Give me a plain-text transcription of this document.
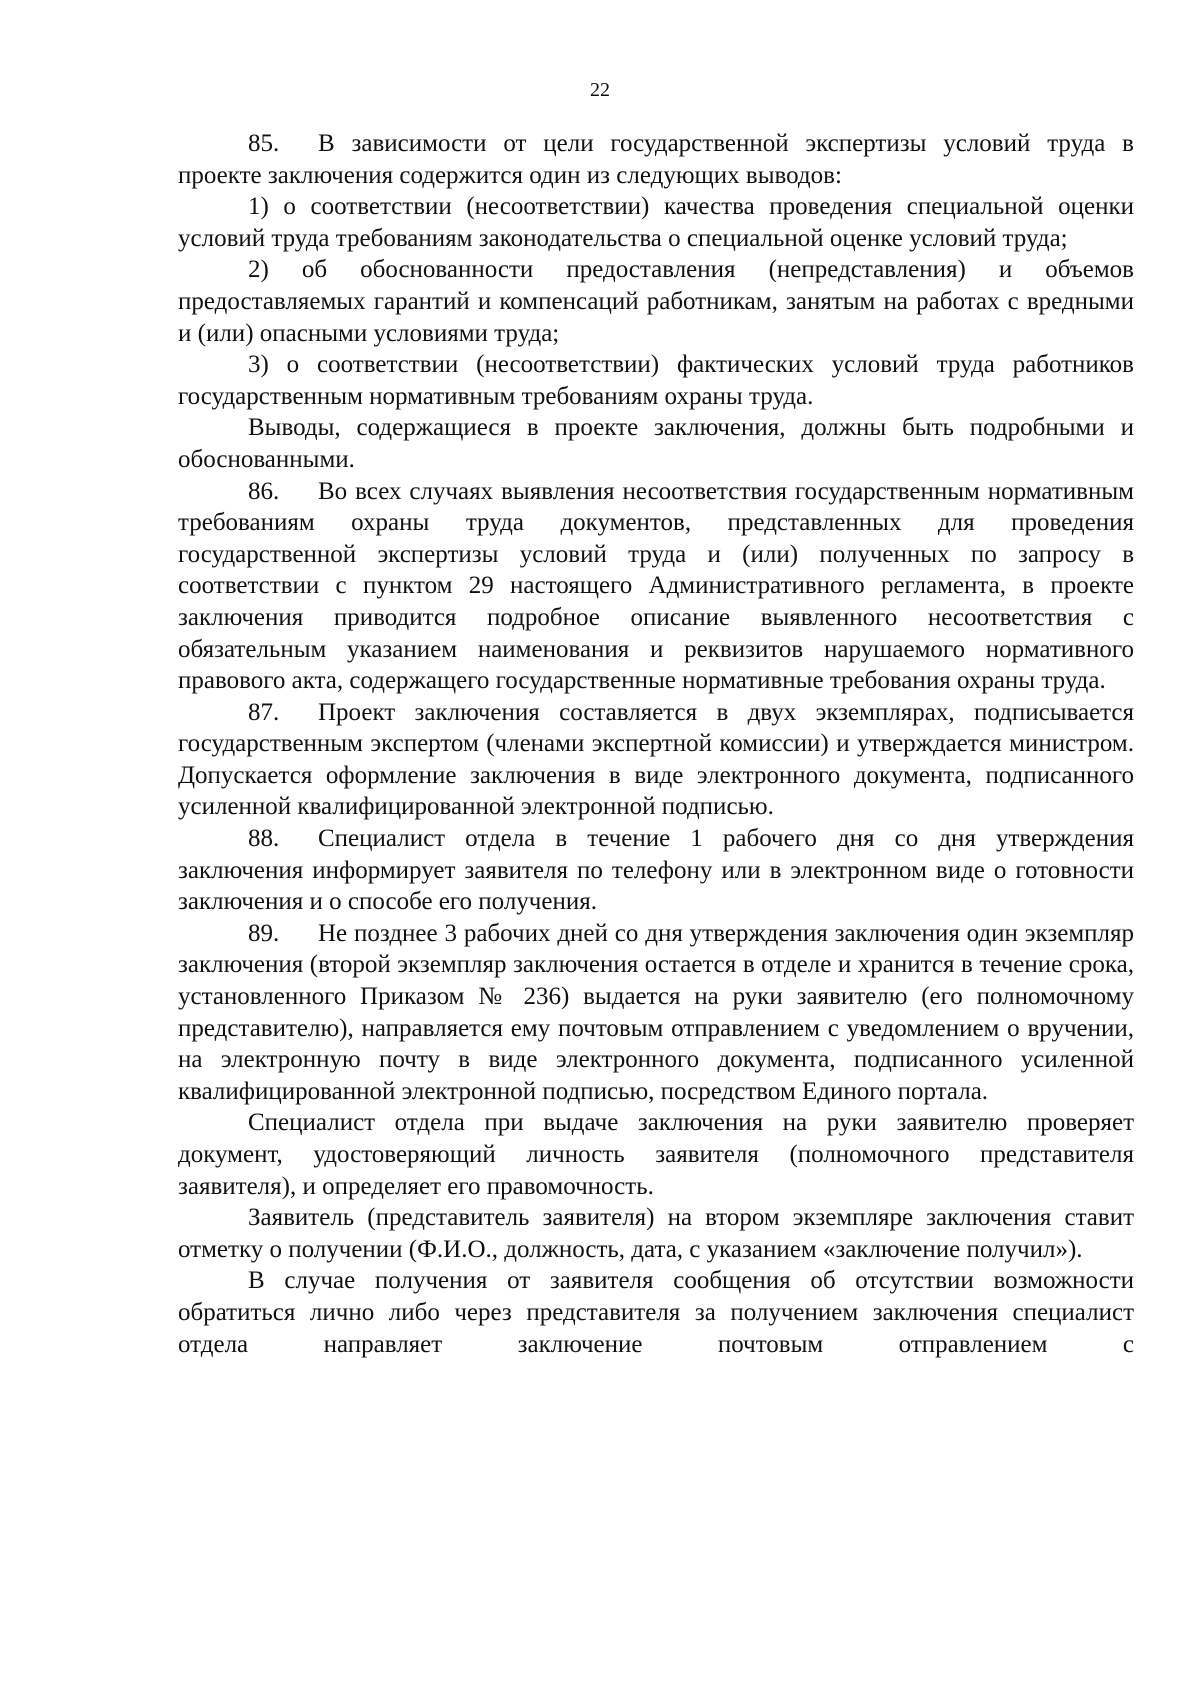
22

85. В зависимости от цели государственной экспертизы условий труда в проекте заключения содержится один из следующих выводов:

1) о соответствии (несоответствии) качества проведения специальной оценки условий труда требованиям законодательства о специальной оценке условий труда;

2) об обоснованности предоставления (непредставления) и объемов предоставляемых гарантий и компенсаций работникам, занятым на работах с вредными и (или) опасными условиями труда;

3) о соответствии (несоответствии) фактических условий труда работников государственным нормативным требованиям охраны труда.

Выводы, содержащиеся в проекте заключения, должны быть подробными и обоснованными.

86. Во всех случаях выявления несоответствия государственным нормативным требованиям охраны труда документов, представленных для проведения государственной экспертизы условий труда и (или) полученных по запросу в соответствии с пунктом 29 настоящего Административного регламента, в проекте заключения приводится подробное описание выявленного несоответствия с обязательным указанием наименования и реквизитов нарушаемого нормативного правового акта, содержащего государственные нормативные требования охраны труда.

87. Проект заключения составляется в двух экземплярах, подписывается государственным экспертом (членами экспертной комиссии) и утверждается министром. Допускается оформление заключения в виде электронного документа, подписанного усиленной квалифицированной электронной подписью.

88. Специалист отдела в течение 1 рабочего дня со дня утверждения заключения информирует заявителя по телефону или в электронном виде о готовности заключения и о способе его получения.

89. Не позднее 3 рабочих дней со дня утверждения заключения один экземпляр заключения (второй экземпляр заключения остается в отделе и хранится в течение срока, установленного Приказом № 236) выдается на руки заявителю (его полномочному представителю), направляется ему почтовым отправлением с уведомлением о вручении, на электронную почту в виде электронного документа, подписанного усиленной квалифицированной электронной подписью, посредством Единого портала.

Специалист отдела при выдаче заключения на руки заявителю проверяет документ, удостоверяющий личность заявителя (полномочного представителя заявителя), и определяет его правомочность.

Заявитель (представитель заявителя) на втором экземпляре заключения ставит отметку о получении (Ф.И.О., должность, дата, с указанием «заключение получил»).

В случае получения от заявителя сообщения об отсутствии возможности обратиться лично либо через представителя за получением заключения специалист отдела направляет заключение почтовым отправлением с
